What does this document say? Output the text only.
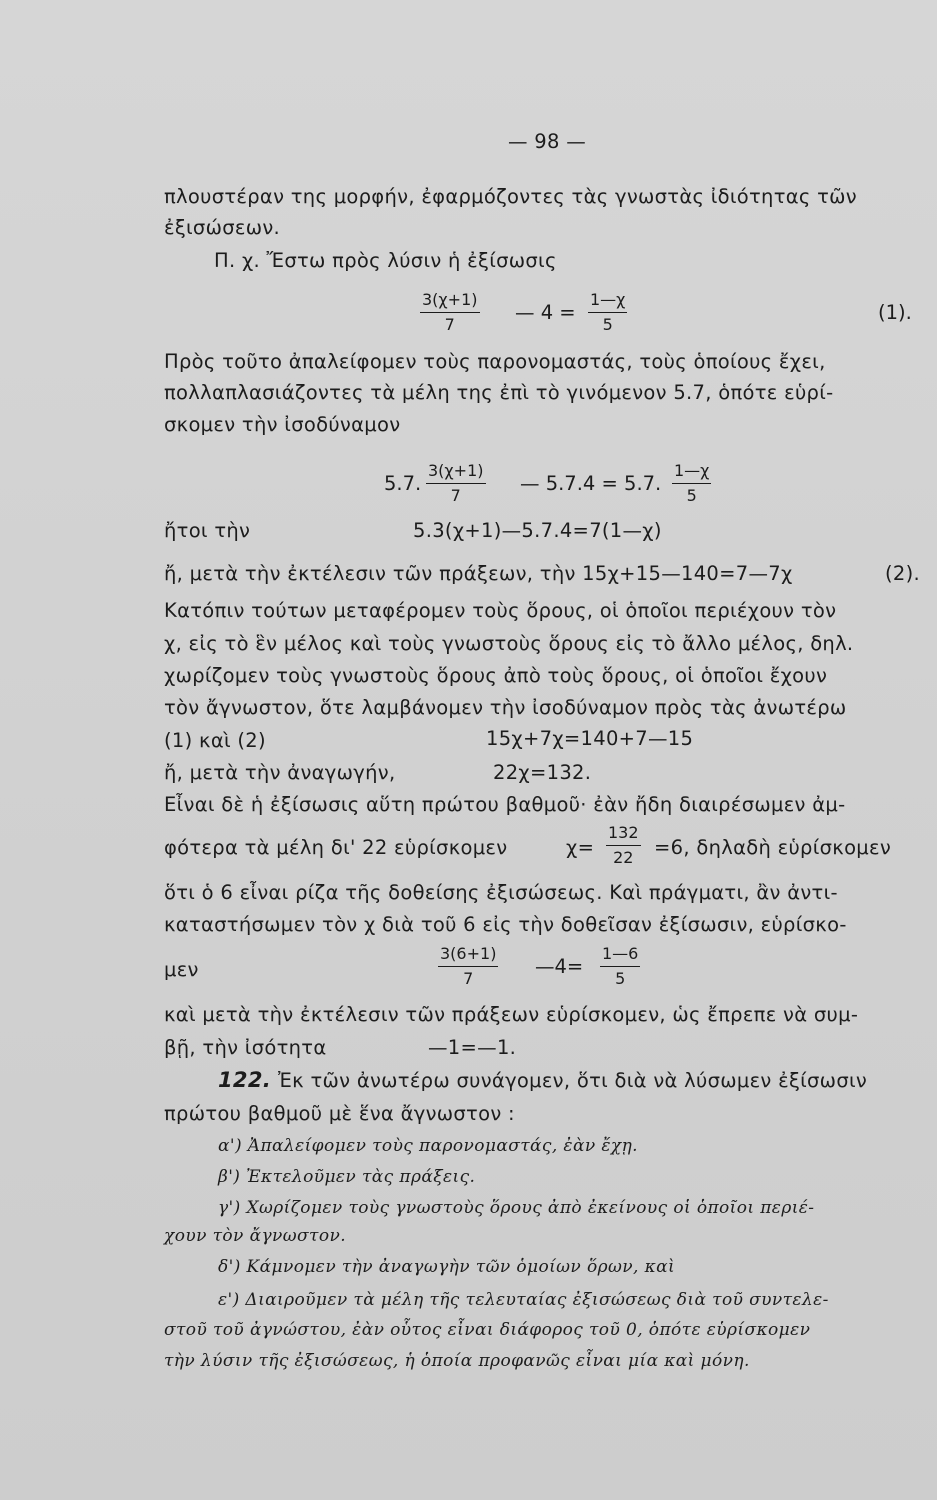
— 98 —
πλουστέραν της μορφήν, ἐφαρμόζοντες τὰς γνωστὰς ἰδιότητας τῶν
ἐξισώσεων.
Π. χ. Ἔστω πρὸς λύσιν ἡ ἐξίσωσις
$\frac{3(\chi+1)}{7}$ — $4 = \frac{1—\chi}{5}$	(1).
Πρὸς τοῦτο ἀπαλείφομεν τοὺς παρονομαστάς, τοὺς ὁποίους ἔχει,
πολλαπλασιάζοντες τὰ μέλη της ἐπὶ τὸ γινόμενον 5.7, ὁπότε εὑρί-
σκομεν τὴν ἰσοδύναμον
5.7. $\frac{3(\chi+1)}{7}$ — 5.7.4 = 5.7. $\frac{1—\chi}{5}$
ἤτοι τὴν	5.3(χ+1)—5.7.4=7(1—χ)
ἤ, μετὰ τὴν ἐκτέλεσιν τῶν πράξεων, τὴν 15χ+15—140=7—7χ	(2).
Κατόπιν τούτων μεταφέρομεν τοὺς ὅρους, οἱ ὁποῖοι περιέχουν τὸν
χ, εἰς τὸ ἓν μέλος καὶ τοὺς γνωστοὺς ὅρους εἰς τὸ ἄλλο μέλος, δηλ.
χωρίζομεν τοὺς γνωστοὺς ὅρους ἀπὸ τοὺς ὅρους, οἱ ὁποῖοι ἔχουν
τὸν ἄγνωστον, ὅτε λαμβάνομεν τὴν ἰσοδύναμον πρὸς τὰς ἀνωτέρω
(1) καὶ (2)	15χ+7χ=140+7—15
ἤ, μετὰ τὴν ἀναγωγήν,	22χ=132.
Εἶναι δὲ ἡ ἐξίσωσις αὕτη πρώτου βαθμοῦ· ἐὰν ἤδη διαιρέσωμεν ἀμ-
φότερα τὰ μέλη δι' 22 εὑρίσκομεν	$\chi= \frac{132}{22} =6$, δηλαδὴ εὑρίσκομεν
ὅτι ὁ 6 εἶναι ρίζα τῆς δοθείσης ἐξισώσεως. Καὶ πράγματι, ἂν ἀντι-
καταστήσωμεν τὸν χ διὰ τοῦ 6 εἰς τὴν δοθεῖσαν ἐξίσωσιν, εὑρίσκο-
μεν	$\frac{3(6+1)}{7}$ —4= $\frac{1—6}{5}$
καὶ μετὰ τὴν ἐκτέλεσιν τῶν πράξεων εὑρίσκομεν, ὡς ἔπρεπε νὰ συμ-
βῇ, τὴν ἰσότητα	—1=—1.
122. Ἐκ τῶν ἀνωτέρω συνάγομεν, ὅτι διὰ νὰ λύσωμεν ἐξίσωσιν
πρώτου βαθμοῦ μὲ ἕνα ἄγνωστον :
α') Ἀπαλείφομεν τοὺς παρονομαστάς, ἐὰν ἔχῃ.
β') Ἐκτελοῦμεν τὰς πράξεις.
γ') Χωρίζομεν τοὺς γνωστοὺς ὅρους ἀπὸ ἐκείνους οἱ ὁποῖοι περιέ-
χουν τὸν ἄγνωστον.
δ') Κάμνομεν τὴν ἀναγωγὴν τῶν ὁμοίων ὅρων, καὶ
ε') Διαιροῦμεν τὰ μέλη τῆς τελευταίας ἐξισώσεως διὰ τοῦ συντελε-
στοῦ τοῦ ἀγνώστου, ἐὰν οὗτος εἶναι διάφορος τοῦ 0, ὁπότε εὑρίσκομεν
τὴν λύσιν τῆς ἐξισώσεως, ἡ ὁποία προφανῶς εἶναι μία καὶ μόνη.
